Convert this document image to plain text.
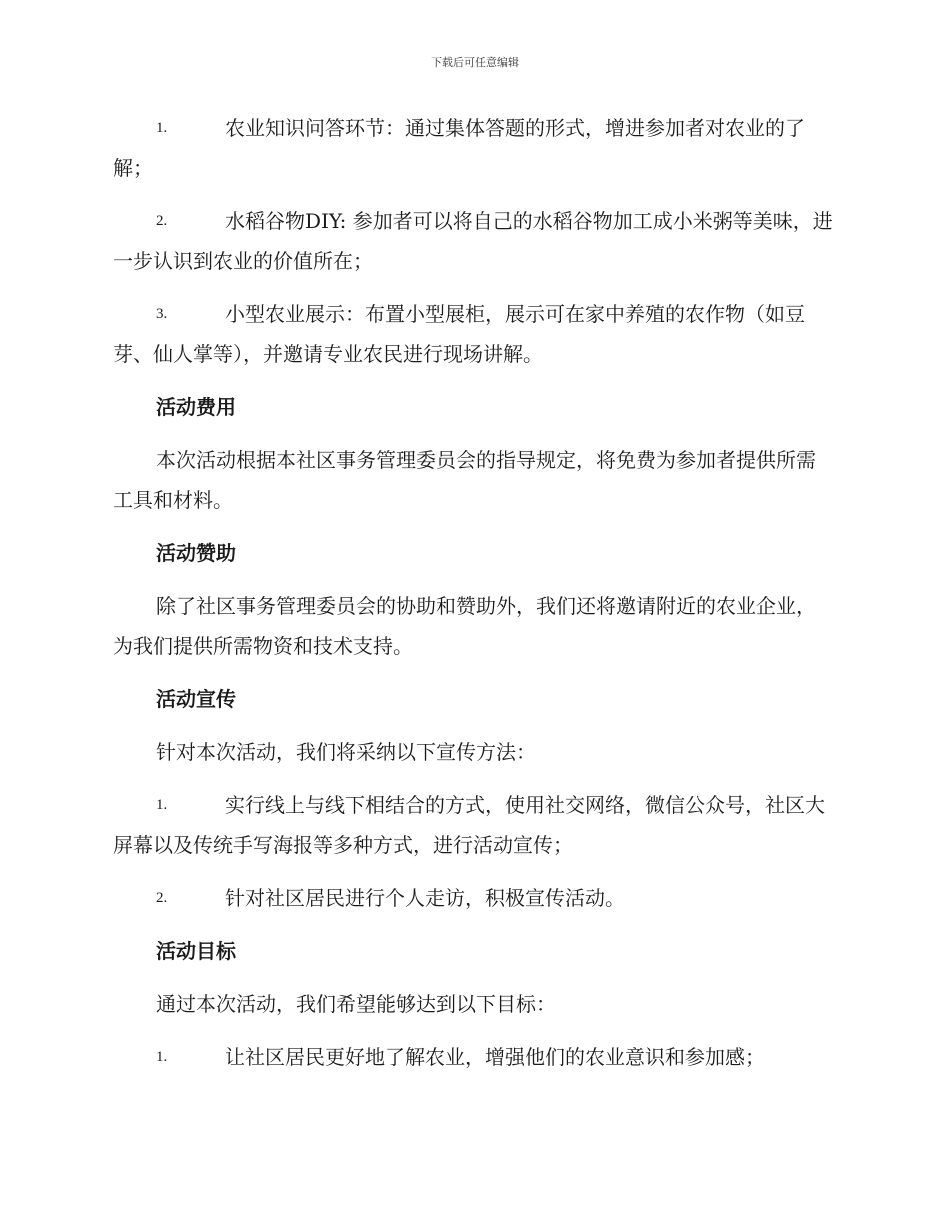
下载后可任意编辑
1.	农业知识问答环节：通过集体答题的形式，增进参加者对农业的了解；
2.	水稻谷物DIY: 参加者可以将自己的水稻谷物加工成小米粥等美味，进一步认识到农业的价值所在；
3.	小型农业展示：布置小型展柜，展示可在家中养殖的农作物（如豆芽、仙人掌等），并邀请专业农民进行现场讲解。

活动费用

本次活动根据本社区事务管理委员会的指导规定，将免费为参加者提供所需工具和材料。

活动赞助

除了社区事务管理委员会的协助和赞助外，我们还将邀请附近的农业企业，为我们提供所需物资和技术支持。

活动宣传

针对本次活动，我们将采纳以下宣传方法：

1.	实行线上与线下相结合的方式，使用社交网络，微信公众号，社区大屏幕以及传统手写海报等多种方式，进行活动宣传；
2.	针对社区居民进行个人走访，积极宣传活动。

活动目标

通过本次活动，我们希望能够达到以下目标：

1.	让社区居民更好地了解农业，增强他们的农业意识和参加感；
